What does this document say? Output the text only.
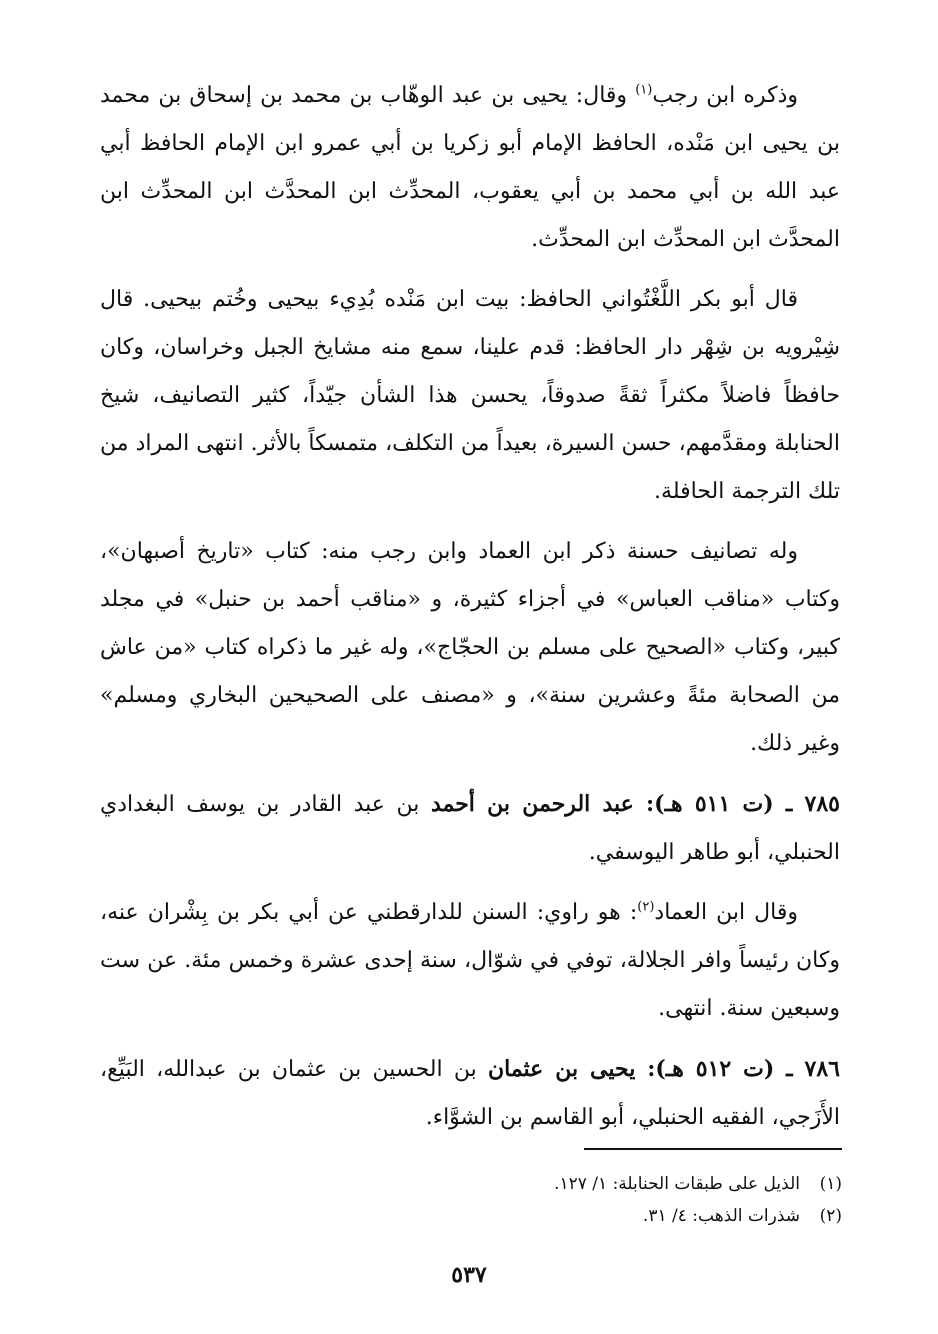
وذكره ابن رجب$^{(١)}$ وقال: يحيى بن عبد الوهّاب بن محمد بن إسحاق بن محمد بن يحيى ابن مَنْده، الحافظ الإمام أبو زكريا بن أبي عمرو ابن الإمام الحافظ أبي عبد الله بن أبي محمد بن أبي يعقوب، المحدِّث ابن المحدَّث ابن المحدِّث ابن المحدَّث ابن المحدِّث ابن المحدِّث.

قال أبو بكر اللَّغْتُواني الحافظ: بيت ابن مَنْده بُدِيء بيحيى وخُتم بيحيى. قال شِيْرويه بن شِهْر دار الحافظ: قدم علينا، سمع منه مشايخ الجبل وخراسان، وكان حافظاً فاضلاً مكثراً ثقةً صدوقاً، يحسن هذا الشأن جيّداً، كثير التصانيف، شيخ الحنابلة ومقدَّمهم، حسن السيرة، بعيداً من التكلف، متمسكاً بالأثر. انتهى المراد من تلك الترجمة الحافلة.

وله تصانيف حسنة ذكر ابن العماد وابن رجب منه: كتاب «تاريخ أصبهان»، وكتاب «مناقب العباس» في أجزاء كثيرة، و «مناقب أحمد بن حنبل» في مجلد كبير، وكتاب «الصحيح على مسلم بن الحجّاج»، وله غير ما ذكراه كتاب «من عاش من الصحابة مئةً وعشرين سنة»، و «مصنف على الصحيحين البخاري ومسلم» وغير ذلك.

٧٨٥ ـ (ت ٥١١ هـ): عبد الرحمن بن أحمد بن عبد القادر بن يوسف البغدادي الحنبلي، أبو طاهر اليوسفي.

وقال ابن العماد$^{(٢)}$: هو راوي: السنن للدارقطني عن أبي بكر بن بِشْران عنه، وكان رئيساً وافر الجلالة، توفي في شوّال، سنة إحدى عشرة وخمس مئة. عن ست وسبعين سنة. انتهى.

٧٨٦ ـ (ت ٥١٢ هـ): يحيى بن عثمان بن الحسين بن عثمان بن عبدالله، البَيِّع، الأَزَجي، الفقيه الحنبلي، أبو القاسم بن الشوَّاء.

(١)
الذيل على طبقات الحنابلة: ١/ ١٢٧.
(٢)
شذرات الذهب: ٤/ ٣١.
٥٣٧
